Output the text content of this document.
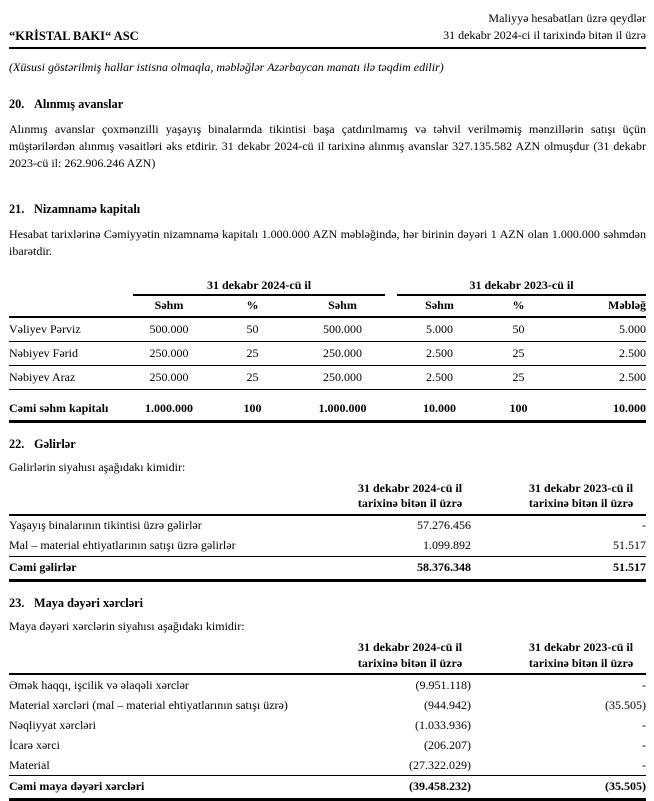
“KRİSTAL BAKI“ ASC
Maliyyə hesabatları üzrə qeydlər
31 dekabr 2024-ci il tarixində bitən il üzrə
(Xüsusi göstərilmiş hallar istisna olmaqla, məbləğlər Azərbaycan manatı ilə təqdim edilir)
20. Alınmış avanslar
Alınmış avanslar çoxmənzilli yaşayış binalarında tikintisi başa çatdırılmamış və təhvil verilməmiş mənzillərin satışı üçün müştərilərdən alınmış vəsaitləri əks etdirir. 31 dekabr 2024-cü il tarixinə alınmış avanslar 327.135.582 AZN olmuşdur (31 dekabr 2023-cü il: 262.906.246 AZN)
21. Nizamnamə kapitalı
Hesabat tarixlərinə Cəmiyyətin nizamnamə kapitalı 1.000.000 AZN məbləğində, hər birinin dəyəri 1 AZN olan 1.000.000 səhmdən ibarətdir.
	31 dekabr 2024-cü il				31 dekabr 2023-cü il		
	Səhm	%	Səhm		Səhm	%	Məbləğ
Vəliyev Pərviz	500.000	50	500.000		5.000	50	5.000
Nəbiyev Fərid	250.000	25	250.000		2.500	25	2.500
Nəbiyev Araz	250.000	25	250.000		2.500	25	2.500

Cəmi səhm kapitalı	1.000.000	100	1.000.000		10.000	100	10.000
22. Gəlirlər
Gəlirlərin siyahısı aşağıdakı kimidir:

31 dekabr 2024-cü il
tarixinə bitən il üzrə

31 dekabr 2023-cü il
tarixinə bitən il üzrə

Yaşayış binalarının tikintisi üzrə gəlirlər	57.276.456		-
Mal – material ehtiyatlarının satışı üzrə gəlirlər	1.099.892		51.517
Cəmi gəlirlər	58.376.348		51.517
23. Maya dəyəri xərcləri
Maya dəyəri xərclərin siyahısı aşağıdakı kimidir:

31 dekabr 2024-cü il
tarixinə bitən il üzrə

31 dekabr 2023-cü il
tarixinə bitən il üzrə

Əmək haqqı, işcilik və əlaqəli xərclər	(9.951.118)		-
Material xərcləri (mal – material ehtiyatlarının satışı üzrə)	(944.942)		(35.505)
Nəqliyyat xərcləri	(1.033.936)		-
İcarə xərci	(206.207)		-
Material	(27.322.029)		-
Cəmi maya dəyəri xərcləri	(39.458.232)		(35.505)
